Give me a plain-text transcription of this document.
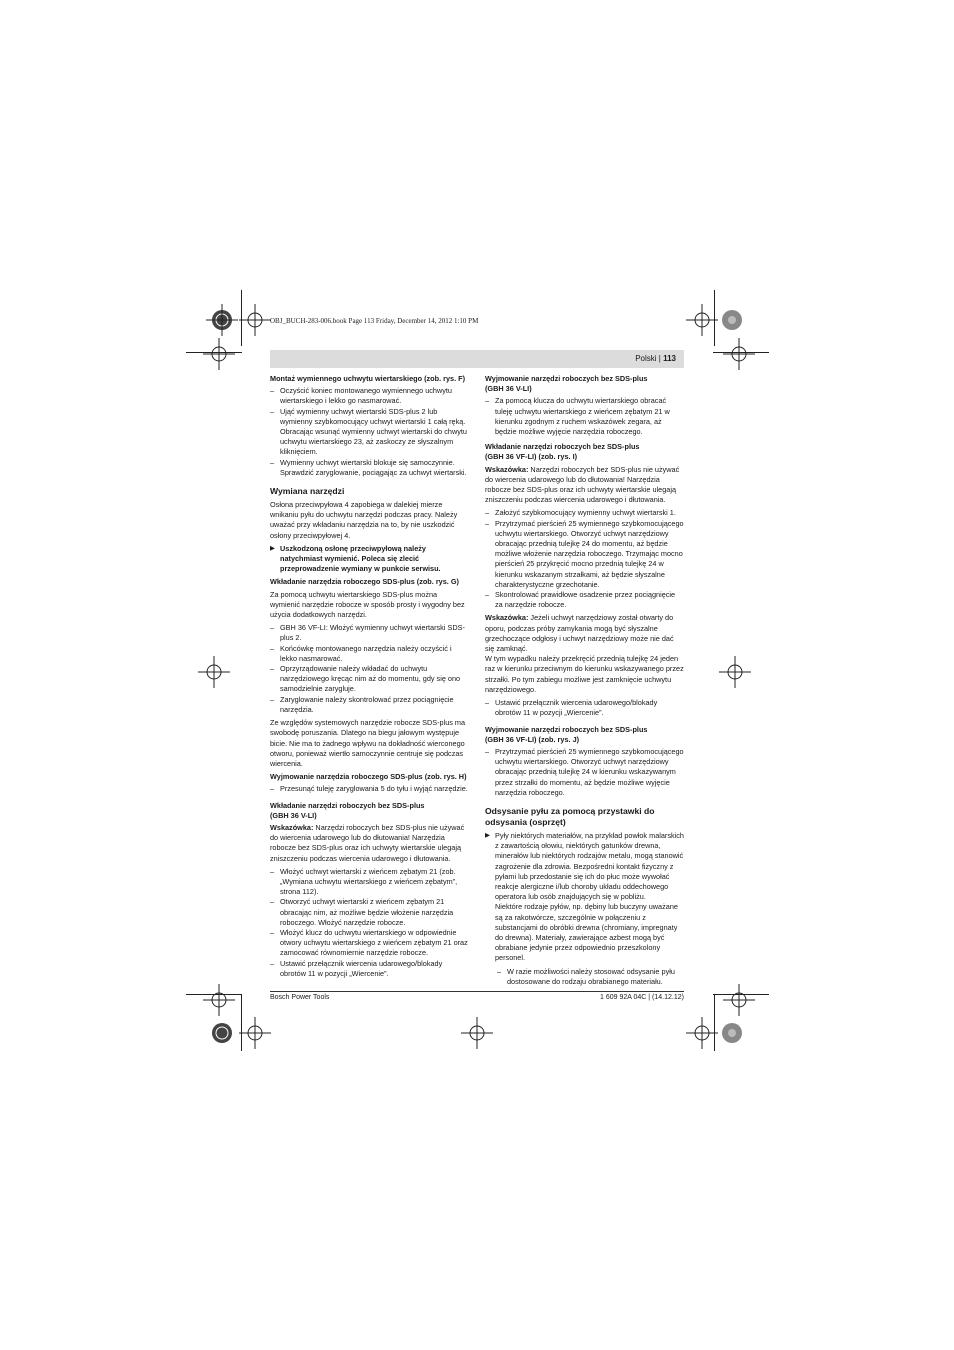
OBJ_BUCH-283-006.book Page 113 Friday, December 14, 2012 1:10 PM
Polski | 113
Montaż wymiennego uchwytu wiertarskiego (zob. rys. F)
– Oczyścić koniec montowanego wymiennego uchwytu wiertarskiego i lekko go nasmarować.
– Ująć wymienny uchwyt wiertarski SDS-plus 2 lub wymienny szybkomocujący uchwyt wiertarski 1 całą ręką. Obracając wsunąć wymienny uchwyt wiertarski do chwytu uchwytu wiertarskiego 23, aż zaskoczy ze słyszalnym kliknięciem.
– Wymienny uchwyt wiertarski blokuje się samoczynnie. Sprawdzić zaryglowanie, pociągając za uchwyt wiertarski.
Wymiana narzędzi

Osłona przeciwpyłowa 4 zapobiega w dalekiej mierze wnikaniu pyłu do uchwytu narzędzi podczas pracy. Należy uważać przy wkładaniu narzędzia na to, by nie uszkodzić osłony przeciwpyłowej 4.

▶ Uszkodzoną osłonę przeciwpyłową należy natychmiast wymienić. Poleca się zlecić przeprowadzenie wymiany w punkcie serwisu.
Wkładanie narzędzia roboczego SDS-plus (zob. rys. G)

Za pomocą uchwytu wiertarskiego SDS-plus można wymienić narzędzie robocze w sposób prosty i wygodny bez użycia dodatkowych narzędzi.

– GBH 36 VF-LI: Włożyć wymienny uchwyt wiertarski SDS-plus 2.
– Końcówkę montowanego narzędzia należy oczyścić i lekko nasmarować.
– Oprzyrządowanie należy wkładać do uchwytu narzędziowego kręcąc nim aż do momentu, gdy się ono samodzielnie zarygluje.
– Zaryglowanie należy skontrolować przez pociągnięcie narzędzia.

Ze względów systemowych narzędzie robocze SDS-plus ma swobodę poruszania. Dlatego na biegu jałowym występuje bicie. Nie ma to żadnego wpływu na dokładność wierconego otworu, ponieważ wiertło samoczynnie centruje się podczas wiercenia.

Wyjmowanie narzędzia roboczego SDS-plus (zob. rys. H)
– Przesunąć tuleję zaryglowania 5 do tyłu i wyjąć narzędzie.
Wkładanie narzędzi roboczych bez SDS-plus
(GBH 36 V-LI)

Wskazówka: Narzędzi roboczych bez SDS-plus nie używać do wiercenia udarowego lub do dłutowania! Narzędzia robocze bez SDS-plus oraz ich uchwyty wiertarskie ulegają zniszczeniu podczas wiercenia udarowego i dłutowania.

– Włożyć uchwyt wiertarski z wieńcem zębatym 21 (zob. „Wymiana uchwytu wiertarskiego z wieńcem zębatym”, strona 112).
– Otworzyć uchwyt wiertarski z wieńcem zębatym 21 obracając nim, aż możliwe będzie włożenie narzędzia roboczego. Włożyć narzędzie robocze.
– Włożyć klucz do uchwytu wiertarskiego w odpowiednie otwory uchwytu wiertarskiego z wieńcem zębatym 21 oraz zamocować równomiernie narzędzie robocze.
– Ustawić przełącznik wiercenia udarowego/blokady obrotów 11 w pozycji „Wiercenie”.
Wyjmowanie narzędzi roboczych bez SDS-plus
(GBH 36 V-LI)
– Za pomocą klucza do uchwytu wiertarskiego obracać tuleję uchwytu wiertarskiego z wieńcem zębatym 21 w kierunku zgodnym z ruchem wskazówek zegara, aż będzie możliwe wyjęcie narzędzia roboczego.
Wkładanie narzędzi roboczych bez SDS-plus
(GBH 36 VF-LI) (zob. rys. I)

Wskazówka: Narzędzi roboczych bez SDS-plus nie używać do wiercenia udarowego lub do dłutowania! Narzędzia robocze bez SDS-plus oraz ich uchwyty wiertarskie ulegają zniszczeniu podczas wiercenia udarowego i dłutowania.

– Założyć szybkomocujący wymienny uchwyt wiertarski 1.
– Przytrzymać pierścień 25 wymiennego szybkomocującego uchwytu wiertarskiego. Otworzyć uchwyt narzędziowy obracając przednią tulejkę 24 do momentu, aż będzie możliwe włożenie narzędzia roboczego. Trzymając mocno pierścień 25 przykręcić mocno przednią tulejkę 24 w kierunku wskazanym strzałkami, aż będzie słyszalne charakterystyczne grzechotanie.
– Skontrolować prawidłowe osadzenie przez pociągnięcie za narzędzie robocze.

Wskazówka: Jeżeli uchwyt narzędziowy został otwarty do oporu, podczas próby zamykania mogą być słyszalne grzechoczące odgłosy i uchwyt narzędziowy może nie dać się zamknąć.

W tym wypadku należy przekręcić przednią tulejkę 24 jeden raz w kierunku przeciwnym do kierunku wskazywanego przez strzałki. Po tym zabiegu możliwe jest zamknięcie uchwytu narzędziowego.

– Ustawić przełącznik wiercenia udarowego/blokady obrotów 11 w pozycji „Wiercenie”.
Wyjmowanie narzędzi roboczych bez SDS-plus
(GBH 36 VF-LI) (zob. rys. J)
– Przytrzymać pierścień 25 wymiennego szybkomocującego uchwytu wiertarskiego. Otworzyć uchwyt narzędziowy obracając przednią tulejkę 24 w kierunku wskazywanym przez strzałki do momentu, aż będzie możliwe wyjęcie narzędzia roboczego.
Odsysanie pyłu za pomocą przystawki do odsysania (osprzęt)
▶ Pyły niektórych materiałów, na przykład powłok malarskich z zawartością ołowiu, niektórych gatunków drewna, minerałów lub niektórych rodzajów metalu, mogą stanowić zagrożenie dla zdrowia. Bezpośredni kontakt fizyczny z pyłami lub przedostanie się ich do płuc może wywołać reakcje alergiczne i/lub choroby układu oddechowego operatora lub osób znajdujących się w pobliżu.
Niektóre rodzaje pyłów, np. dębiny lub buczyny uważane są za rakotwórcze, szczególnie w połączeniu z substancjami do obróbki drewna (chromiany, impregnaty do drewna). Materiały, zawierające azbest mogą być obrabiane jedynie przez odpowiednio przeszkolony personel.
– W razie możliwości należy stosować odsysanie pyłu dostosowane do rodzaju obrabianego materiału.
Bosch Power Tools	1 609 92A 04C | (14.12.12)
